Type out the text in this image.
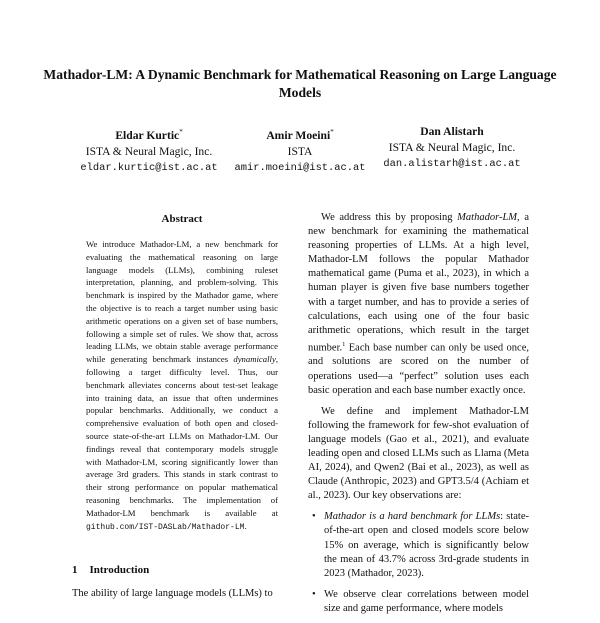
Mathador-LM: A Dynamic Benchmark for Mathematical Reasoning on Large Language Models
Eldar Kurtic*
ISTA & Neural Magic, Inc.
eldar.kurtic@ist.ac.at
Amir Moeini*
ISTA
amir.moeini@ist.ac.at
Dan Alistarh
ISTA & Neural Magic, Inc.
dan.alistarh@ist.ac.at
Abstract
We introduce Mathador-LM, a new benchmark for evaluating the mathematical reasoning on large language models (LLMs), combining ruleset interpretation, planning, and problem-solving. This benchmark is inspired by the Mathador game, where the objective is to reach a target number using basic arithmetic operations on a given set of base numbers, following a simple set of rules. We show that, across leading LLMs, we obtain stable average performance while generating benchmark instances dynamically, following a target difficulty level. Thus, our benchmark alleviates concerns about test-set leakage into training data, an issue that often undermines popular benchmarks. Additionally, we conduct a comprehensive evaluation of both open and closed-source state-of-the-art LLMs on Mathador-LM. Our findings reveal that contemporary models struggle with Mathador-LM, scoring significantly lower than average 3rd graders. This stands in stark contrast to their strong performance on popular mathematical reasoning benchmarks. The implementation of Mathador-LM benchmark is available at github.com/IST-DASLab/Mathador-LM.
1 Introduction
The ability of large language models (LLMs) to

We address this by proposing Mathador-LM, a new benchmark for examining the mathematical reasoning properties of LLMs. At a high level, Mathador-LM follows the popular Mathador mathematical game (Puma et al., 2023), in which a human player is given five base numbers together with a target number, and has to provide a series of calculations, each using one of the four basic arithmetic operations, which result in the target number.$^1$ Each base number can only be used once, and solutions are scored on the number of operations used—a “perfect” solution uses each basic operation and each base number exactly once.

We define and implement Mathador-LM following the framework for few-shot evaluation of language models (Gao et al., 2021), and evaluate leading open and closed LLMs such as Llama (Meta AI, 2024), and Qwen2 (Bai et al., 2023), as well as Claude (Anthropic, 2023) and GPT3.5/4 (Achiam et al., 2023). Our key observations are:

• Mathador is a hard benchmark for LLMs: state-of-the-art open and closed models score below 15% on average, which is significantly below the mean of 43.7% across 3rd-grade students in 2023 (Mathador, 2023).
• We observe clear correlations between model size and game performance, where models
